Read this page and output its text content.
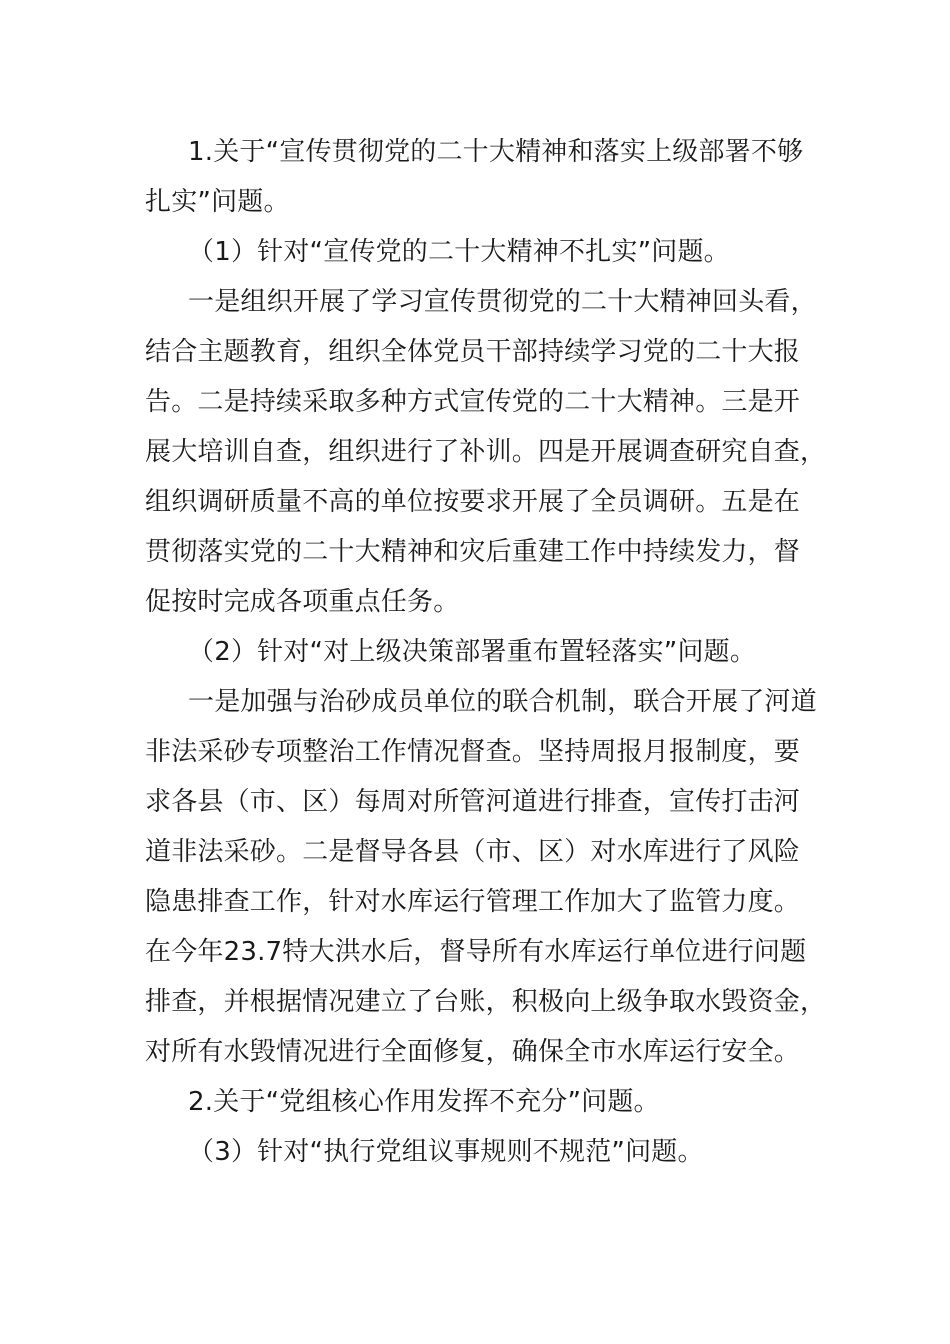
1.关于“宣传贯彻党的二十大精神和落实上级部署不够
扎实”问题。
（1）针对“宣传党的二十大精神不扎实”问题。
一是组织开展了学习宣传贯彻党的二十大精神回头看，
结合主题教育，组织全体党员干部持续学习党的二十大报
告。二是持续采取多种方式宣传党的二十大精神。三是开
展大培训自查，组织进行了补训。四是开展调查研究自查，
组织调研质量不高的单位按要求开展了全员调研。五是在
贯彻落实党的二十大精神和灾后重建工作中持续发力，督
促按时完成各项重点任务。
（2）针对“对上级决策部署重布置轻落实”问题。
一是加强与治砂成员单位的联合机制，联合开展了河道
非法采砂专项整治工作情况督查。坚持周报月报制度，要
求各县（市、区）每周对所管河道进行排查，宣传打击河
道非法采砂。二是督导各县（市、区）对水库进行了风险
隐患排查工作，针对水库运行管理工作加大了监管力度。
在今年23.7特大洪水后，督导所有水库运行单位进行问题
排查，并根据情况建立了台账，积极向上级争取水毁资金，
对所有水毁情况进行全面修复，确保全市水库运行安全。
2.关于“党组核心作用发挥不充分”问题。
（3）针对“执行党组议事规则不规范”问题。
